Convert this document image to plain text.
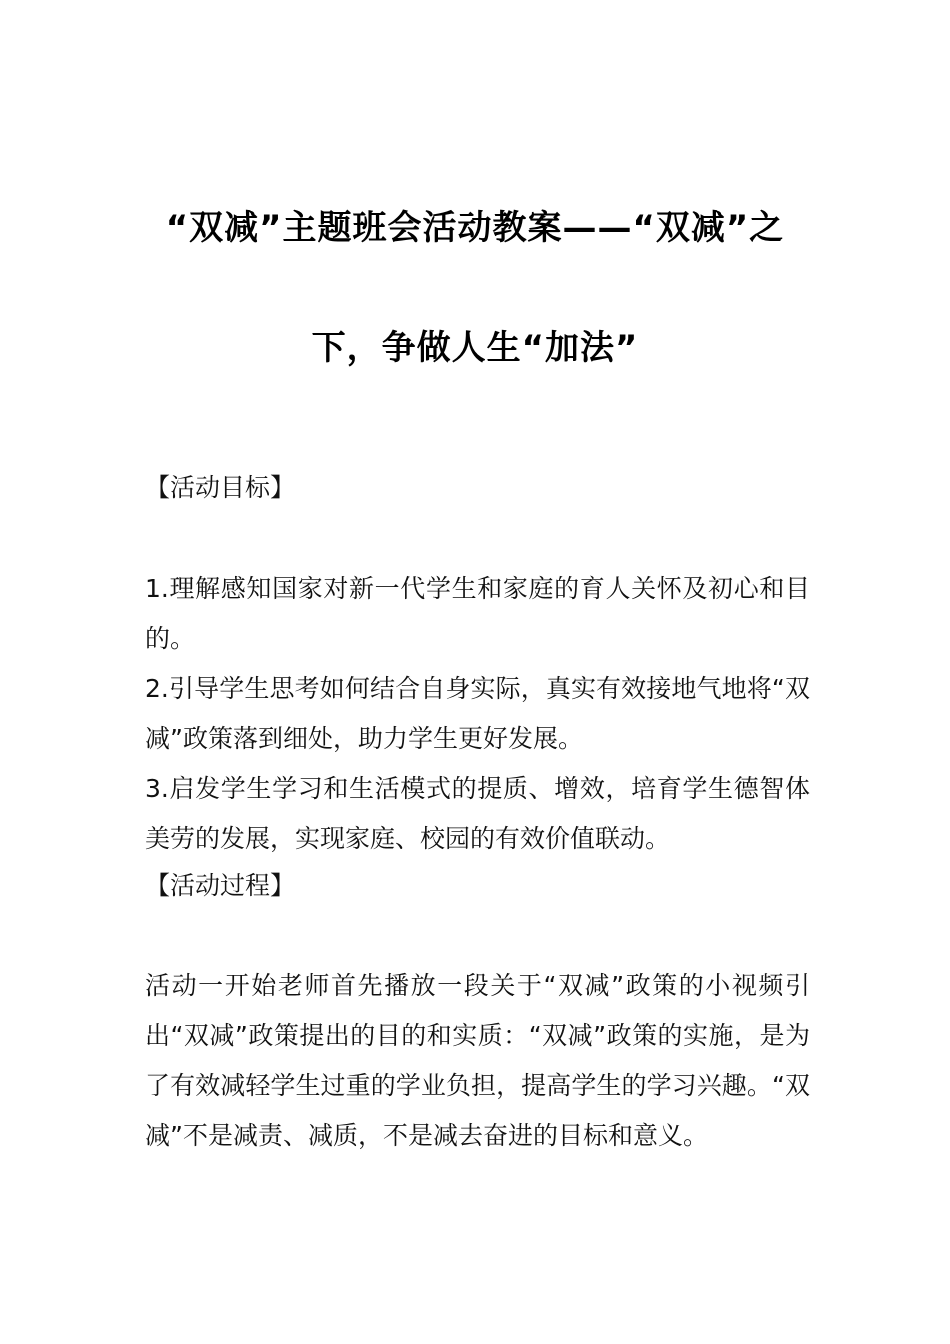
“双减”主题班会活动教案——“双减”之
下，争做人生“加法”
【活动目标】

1.理解感知国家对新一代学生和家庭的育人关怀及初心和目的。

2.引导学生思考如何结合自身实际，真实有效接地气地将“双减”政策落到细处，助力学生更好发展。

3.启发学生学习和生活模式的提质、增效，培育学生德智体美劳的发展，实现家庭、校园的有效价值联动。

【活动过程】

活动一开始老师首先播放一段关于“双减”政策的小视频引出“双减”政策提出的目的和实质：“双减”政策的实施，是为了有效减轻学生过重的学业负担，提高学生的学习兴趣。“双减”不是减责、减质，不是减去奋进的目标和意义。
